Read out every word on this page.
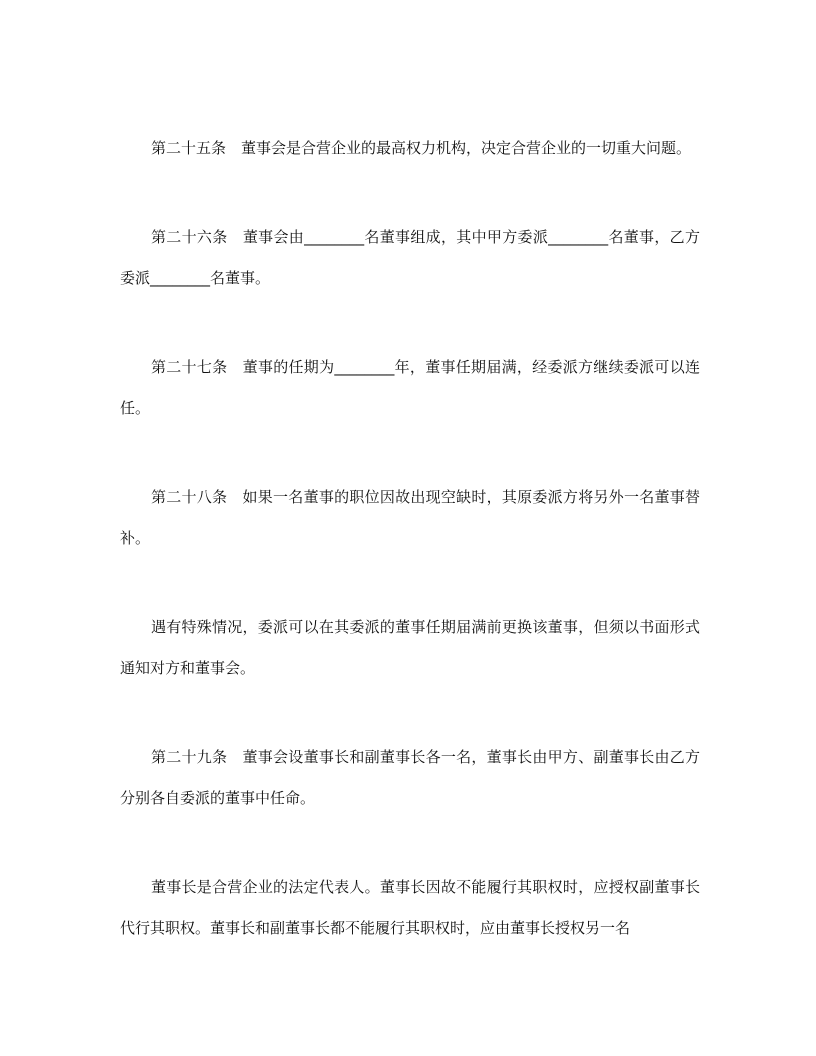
第二十五条　董事会是合营企业的最高权力机构，决定合营企业的一切重大问题。

第二十六条　董事会由________名董事组成，其中甲方委派________名董事，乙方委派________名董事。

第二十七条　董事的任期为________年，董事任期届满，经委派方继续委派可以连任。

第二十八条　如果一名董事的职位因故出现空缺时，其原委派方将另外一名董事替补。

遇有特殊情况，委派可以在其委派的董事任期届满前更换该董事，但须以书面形式通知对方和董事会。

第二十九条　董事会设董事长和副董事长各一名，董事长由甲方、副董事长由乙方分别各自委派的董事中任命。

董事长是合营企业的法定代表人。董事长因故不能履行其职权时，应授权副董事长代行其职权。董事长和副董事长都不能履行其职权时，应由董事长授权另一名
